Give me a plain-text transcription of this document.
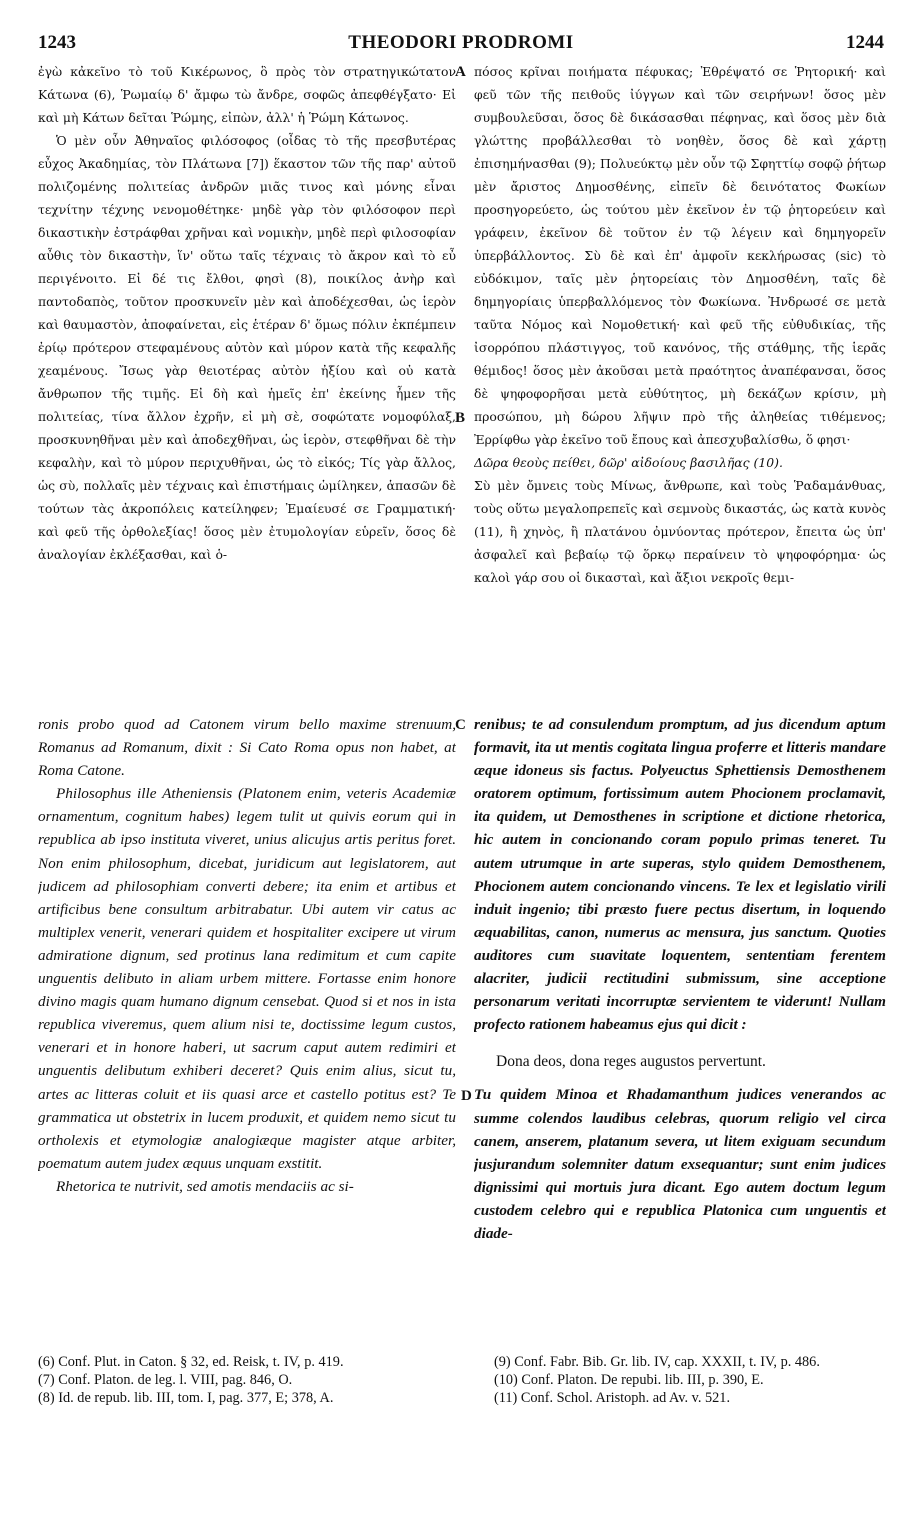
1243	THEODORI PRODROMI	1244

ἐγὼ κἀκεῖνο τὸ τοῦ Κικέρωνος, ὃ πρὸς τὸν στρατηγικώτατον Κάτωνα (6), Ῥωμαίῳ δ' ἄμφω τὼ ἄνδρε, σοφῶς ἀπεφθέγξατο· Εἰ καὶ μὴ Κάτων δεῖται Ῥώμης, εἰπὼν, ἀλλ' ἡ Ῥώμη Κάτωνος.

Ὁ μὲν οὖν Ἀθηναῖος φιλόσοφος (οἶδας τὸ τῆς πρεσβυτέρας εὖχος Ἀκαδημίας, τὸν Πλάτωνα [7]) ἕκαστον τῶν τῆς παρ' αὐτοῦ πολιζομένης πολιτείας ἀνδρῶν μιᾶς τινος καὶ μόνης εἶναι τεχνίτην τέχνης νενομοθέτηκε· μηδὲ γὰρ τὸν φιλόσοφον περὶ δικαστικὴν ἐστράφθαι χρῆναι καὶ νομικὴν, μηδὲ περὶ φιλοσοφίαν αὖθις τὸν δικαστὴν, ἵν' οὕτω ταῖς τέχναις τὸ ἄκρον καὶ τὸ εὖ περιγένοιτο. Εἰ δέ τις ἔλθοι, φησὶ (8), ποικίλος ἀνὴρ καὶ παντοδαπὸς, τοῦτον προσκυνεῖν μὲν καὶ ἀποδέχεσθαι, ὡς ἱερὸν καὶ θαυμαστὸν, ἀποφαίνεται, εἰς ἑτέραν δ' ὅμως πόλιν ἐκπέμπειν ἐρίῳ πρότερον στεφαμένους αὐτὸν καὶ μύρον κατὰ τῆς κεφαλῆς χεαμένους. Ἴσως γὰρ θειοτέρας αὐτὸν ἠξίου καὶ οὐ κατὰ ἄνθρωπον τῆς τιμῆς. Εἰ δὴ καὶ ἡμεῖς ἐπ' ἐκείνης ἦμεν τῆς πολιτείας, τίνα ἄλλον ἐχρῆν, εἰ μὴ σὲ, σοφώτατε νομοφύλαξ, προσκυνηθῆναι μὲν καὶ ἀποδεχθῆναι, ὡς ἱερὸν, στεφθῆναι δὲ τὴν κεφαλὴν, καὶ τὸ μύρον περιχυθῆναι, ὡς τὸ εἰκός; Τίς γὰρ ἄλλος, ὡς σὺ, πολλαῖς μὲν τέχναις καὶ ἐπιστήμαις ὡμίληκεν, ἁπασῶν δὲ τούτων τὰς ἀκροπόλεις κατείληφεν; Ἐμαίευσέ σε Γραμματική· καὶ φεῦ τῆς ὀρθολεξίας! ὅσος μὲν ἐτυμολογίαν εὑρεῖν, ὅσος δὲ ἀναλογίαν ἐκλέξασθαι, καὶ ὁ-

A
B

πόσος κρῖναι ποιήματα πέφυκας; Ἐθρέψατό σε Ῥητορική· καὶ φεῦ τῶν τῆς πειθοῦς ἰύγγων καὶ τῶν σειρήνων! ὅσος μὲν συμβουλεῦσαι, ὅσος δὲ δικάσασθαι πέφηνας, καὶ ὅσος μὲν διὰ γλώττης προβάλλεσθαι τὸ νοηθὲν, ὅσος δὲ καὶ χάρτῃ ἐπισημήνασθαι (9); Πολυεύκτῳ μὲν οὖν τῷ Σφηττίῳ σοφῷ ῥήτωρ μὲν ἄριστος Δημοσθένης, εἰπεῖν δὲ δεινότατος Φωκίων προσηγορεύετο, ὡς τούτου μὲν ἐκεῖνον ἐν τῷ ῥητορεύειν καὶ γράφειν, ἐκεῖνον δὲ τοῦτον ἐν τῷ λέγειν καὶ δημηγορεῖν ὑπερβάλλοντος. Σὺ δὲ καὶ ἐπ' ἀμφοῖν κεκλήρωσας (sic) τὸ εὐδόκιμον, ταῖς μὲν ῥητορείαις τὸν Δημοσθένη, ταῖς δὲ δημηγορίαις ὑπερβαλλόμενος τὸν Φωκίωνα. Ἠνδρωσέ σε μετὰ ταῦτα Νόμος καὶ Νομοθετική· καὶ φεῦ τῆς εὐθυδικίας, τῆς ἰσορρόπου πλάστιγγος, τοῦ κανόνος, τῆς στάθμης, τῆς ἱερᾶς θέμιδος! ὅσος μὲν ἀκοῦσαι μετὰ πραότητος ἀναπέφανσαι, ὅσος δὲ ψηφοφορῆσαι μετὰ εὐθύτητος, μὴ δεκάζων κρίσιν, μὴ προσώπου, μὴ δώρου λῆψιν πρὸ τῆς ἀληθείας τιθέμενος; Ἐρρίφθω γὰρ ἐκεῖνο τοῦ ἔπους καὶ ἀπεσχυβαλίσθω, ὅ φησι·

Δῶρα θεοὺς πείθει, δῶρ' αἰδοίους βασιλῆας (10).

Σὺ μὲν ὄμνεις τοὺς Μίνως, ἄνθρωπε, καὶ τοὺς Ῥαδαμάνθυας, τοὺς οὕτω μεγαλοπρεπεῖς καὶ σεμνοὺς δικαστάς, ὡς κατὰ κυνὸς (11), ἢ χηνὸς, ἢ πλατάνου ὀμνύοντας πρότερον, ἔπειτα ὡς ὑπ' ἀσφαλεῖ καὶ βεβαίῳ τῷ ὅρκῳ περαίνειν τὸ ψηφοφόρημα· ὡς καλοὶ γάρ σου οἱ δικασταὶ, καὶ ἄξιοι νεκροῖς θεμι-

ronis probo quod ad Catonem virum bello maxime strenuum, Romanus ad Romanum, dixit : Si Cato Roma opus non habet, at Roma Catone.

Philosophus ille Atheniensis (Platonem enim, veteris Academiæ ornamentum, cognitum habes) legem tulit ut quivis eorum qui in republica ab ipso instituta viveret, unius alicujus artis peritus foret. Non enim philosophum, dicebat, juridicum aut legislatorem, aut judicem ad philosophiam converti debere; ita enim et artibus et artificibus bene consultum arbitrabatur. Ubi autem vir catus ac multiplex venerit, venerari quidem et hospitaliter excipere ut virum admiratione dignum, sed protinus lana redimitum et cum capite unguentis delibuto in aliam urbem mittere. Fortasse enim honore divino magis quam humano dignum censebat. Quod si et nos in ista republica viveremus, quem alium nisi te, doctissime legum custos, venerari et in honore haberi, ut sacrum caput autem redimiri et unguentis delibutum exhiberi deceret? Quis enim alius, sicut tu, artes ac litteras coluit et iis quasi arce et castello potitus est? Te grammatica ut obstetrix in lucem produxit, et quidem nemo sicut tu ortholexis et etymologiæ analogiæque magister atque arbiter, poematum autem judex æquus unquam exstitit.

Rhetorica te nutrivit, sed amotis mendaciis ac si-

C
D

renibus; te ad consulendum promptum, ad jus dicendum aptum formavit, ita ut mentis cogitata lingua proferre et litteris mandare æque idoneus sis factus. Polyeuctus Sphettiensis Demosthenem oratorem optimum, fortissimum autem Phocionem proclamavit, ita quidem, ut Demosthenes in scriptione et dictione rhetorica, hic autem in concionando coram populo primas teneret. Tu autem utrumque in arte superas, stylo quidem Demosthenem, Phocionem autem concionando vincens. Te lex et legislatio virili induit ingenio; tibi præsto fuere pectus disertum, in loquendo æquabilitas, canon, numerus ac mensura, jus sanctum. Quoties auditores cum suavitate loquentem, sententiam ferentem alacriter, judicii rectitudini submissum, sine acceptione personarum veritati incorruptæ servientem te viderunt! Nullam profecto rationem habeamus ejus qui dicit :

Dona deos, dona reges augustos pervertunt.

Tu quidem Minoa et Rhadamanthum judices venerandos ac summe colendos laudibus celebras, quorum religio vel circa canem, anserem, platanum severa, ut litem exiguam secundum jusjurandum solemniter datum exsequantur; sunt enim judices dignissimi qui mortuis jura dicant. Ego autem doctum legum custodem celebro qui e republica Platonica cum unguentis et diade-

(6) Conf. Plut. in Caton. § 32, ed. Reisk, t. IV, p. 419.
(7) Conf. Platon. de leg. l. VIII, pag. 846, O.
(8) Id. de repub. lib. III, tom. I, pag. 377, E; 378, A.
(9) Conf. Fabr. Bib. Gr. lib. IV, cap. XXXII, t. IV, p. 486.
(10) Conf. Platon. De repubi. lib. III, p. 390, E.
(11) Conf. Schol. Aristoph. ad Av. v. 521.
